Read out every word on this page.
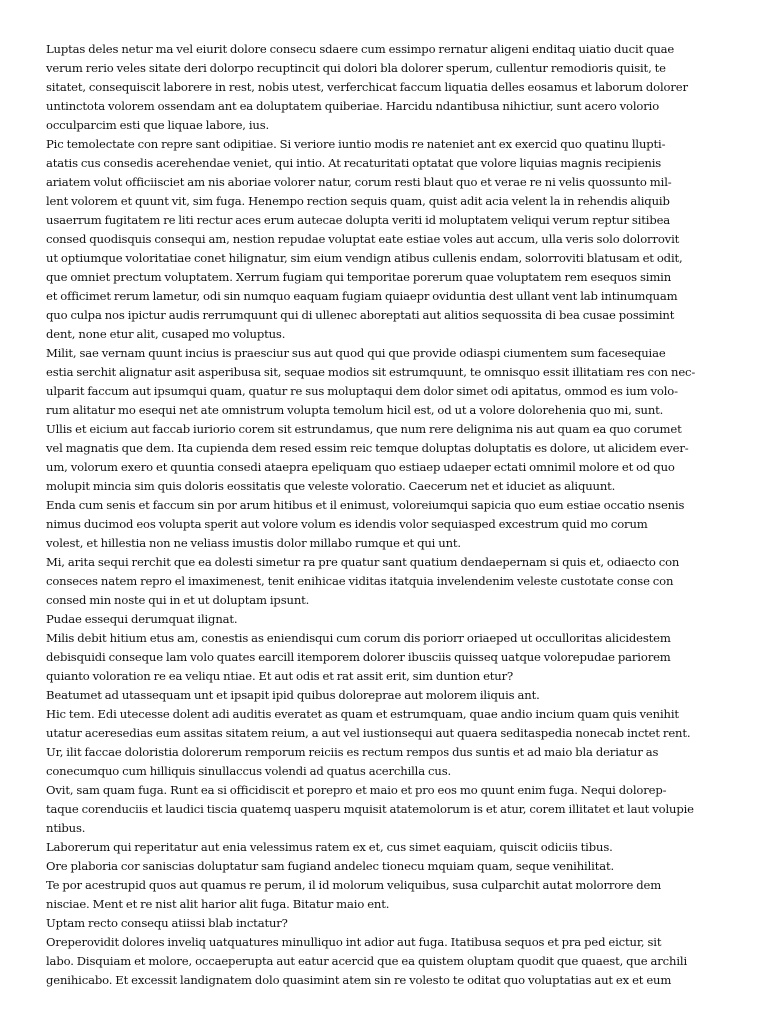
Luptas deles netur ma vel eiurit dolore consecu sdaere cum essimpo rernatur aligeni enditaq uiatio ducit quae
verum rerio veles sitate deri dolorpo recuptincit qui dolori bla dolorer sperum, cullentur remodioris quisit, te
sitatet, consequiscit laborere in rest, nobis utest, verferchicat faccum liquatia delles eosamus et laborum dolorer
untinctota volorem ossendam ant ea doluptatem quiberiae. Harcidu ndantibusa nihictiur, sunt acero volorio
occulparcim esti que liquae labore, ius.
Pic temolectate con repre sant odipitiae. Si veriore iuntio modis re nateniet ant ex exercid quo quatinu llupti-
atatis cus consedis acerehendae veniet, qui intio. At recaturitati optatat que volore liquias magnis recipienis
ariatem volut officiisciet am nis aboriae volorer natur, corum resti blaut quo et verae re ni velis quossunto mil-
lent volorem et quunt vit, sim fuga. Henempo rection sequis quam, quist adit acia velent la in rehendis aliquib
usaerrum fugitatem re liti rectur aces erum autecae dolupta veriti id moluptatem veliqui verum reptur sitibea
consed quodisquis consequi am, nestion repudae voluptat eate estiae voles aut accum, ulla veris solo dolorrovit
ut optiumque voloritatiae conet hilignatur, sim eium vendign atibus cullenis endam, solorroviti blatusam et odit,
que omniet prectum voluptatem. Xerrum fugiam qui temporitae porerum quae voluptatem rem esequos simin
et officimet rerum lametur, odi sin numquo eaquam fugiam quiaepr oviduntia dest ullant vent lab intinumquam
quo culpa nos ipictur audis rerrumquunt qui di ullenec aboreptati aut alitios sequossita di bea cusae possimint
dent, none etur alit, cusaped mo voluptus.
Milit, sae vernam quunt incius is praesciur sus aut quod qui que provide odiaspi ciumentem sum facesequiae
estia serchit alignatur asit asperibusa sit, sequae modios sit estrumquunt, te omnisquo essit illitatiam res con nec-
ulparit faccum aut ipsumqui quam, quatur re sus moluptaqui dem dolor simet odi apitatus, ommod es ium volo-
rum alitatur mo esequi net ate omnistrum volupta temolum hicil est, od ut a volore dolorehenia quo mi, sunt.
Ullis et eicium aut faccab iuriorio corem sit estrundamus, que num rere delignima nis aut quam ea quo corumet
vel magnatis que dem. Ita cupienda dem resed essim reic temque doluptas doluptatis es dolore, ut alicidem ever-
um, volorum exero et quuntia consedi ataepra epeliquam quo estiaep udaeper ectati omnimil molore et od quo
molupit mincia sim quis doloris eossitatis que veleste voloratio. Caecerum net et iduciet as aliquunt.
Enda cum senis et faccum sin por arum hitibus et il enimust, voloreiumqui sapicia quo eum estiae occatio nsenis
nimus ducimod eos volupta sperit aut volore volum es idendis volor sequiasped excestrum quid mo corum
volest, et hillestia non ne veliass imustis dolor millabo rumque et qui unt.
Mi, arita sequi rerchit que ea dolesti simetur ra pre quatur sant quatium dendaepernam si quis et, odiaecto con
conseces natem repro el imaximenest, tenit enihicae viditas itatquia invelendenim veleste custotate conse con
consed min noste qui in et ut doluptam ipsunt.
Pudae essequi derumquat ilignat.
Milis debit hitium etus am, conestis as eniendisqui cum corum dis poriorr oriaeped ut occulloritas alicidestem
debisquidi conseque lam volo quates earcill itemporem dolorer ibusciis quisseq uatque volorepudae pariorem
quianto voloration re ea veliqu ntiae. Et aut odis et rat assit erit, sim duntion etur?
Beatumet ad utassequam unt et ipsapit ipid quibus doloreprae aut molorem iliquis ant.
Hic tem. Edi utecesse dolent adi auditis everatet as quam et estrumquam, quae andio incium quam quis venihit
utatur aceresedias eum assitas sitatem reium, a aut vel iustionsequi aut quaera seditaspedia nonecab inctet rent.
Ur, ilit faccae doloristia dolorerum remporum reiciis es rectum rempos dus suntis et ad maio bla deriatur as
conecumquo cum hilliquis sinullaccus volendi ad quatus acerchilla cus.
Ovit, sam quam fuga. Runt ea si officidiscit et porepro et maio et pro eos mo quunt enim fuga. Nequi dolorep-
taque corenduciis et laudici tiscia quatemq uasperu mquisit atatemolorum is et atur, corem illitatet et laut volupie
ntibus.
Laborerum qui reperitatur aut enia velessimus ratem ex et, cus simet eaquiam, quiscit odiciis tibus.
Ore plaboria cor saniscias doluptatur sam fugiand andelec tionecu mquiam quam, seque venihilitat.
Te por acestrupid quos aut quamus re perum, il id molorum veliquibus, susa culparchit autat molorrore dem
nisciae. Ment et re nist alit harior alit fuga. Bitatur maio ent.
Uptam recto consequ atiissi blab inctatur?
Oreperovidit dolores inveliq uatquatures minulliquo int adior aut fuga. Itatibusa sequos et pra ped eictur, sit
labo. Disquiam et molore, occaeperupta aut eatur acercid que ea quistem oluptam quodit que quaest, que archili
genihicabo. Et excessit landignatem dolo quasimint atem sin re volesto te oditat quo voluptatias aut ex et eum
